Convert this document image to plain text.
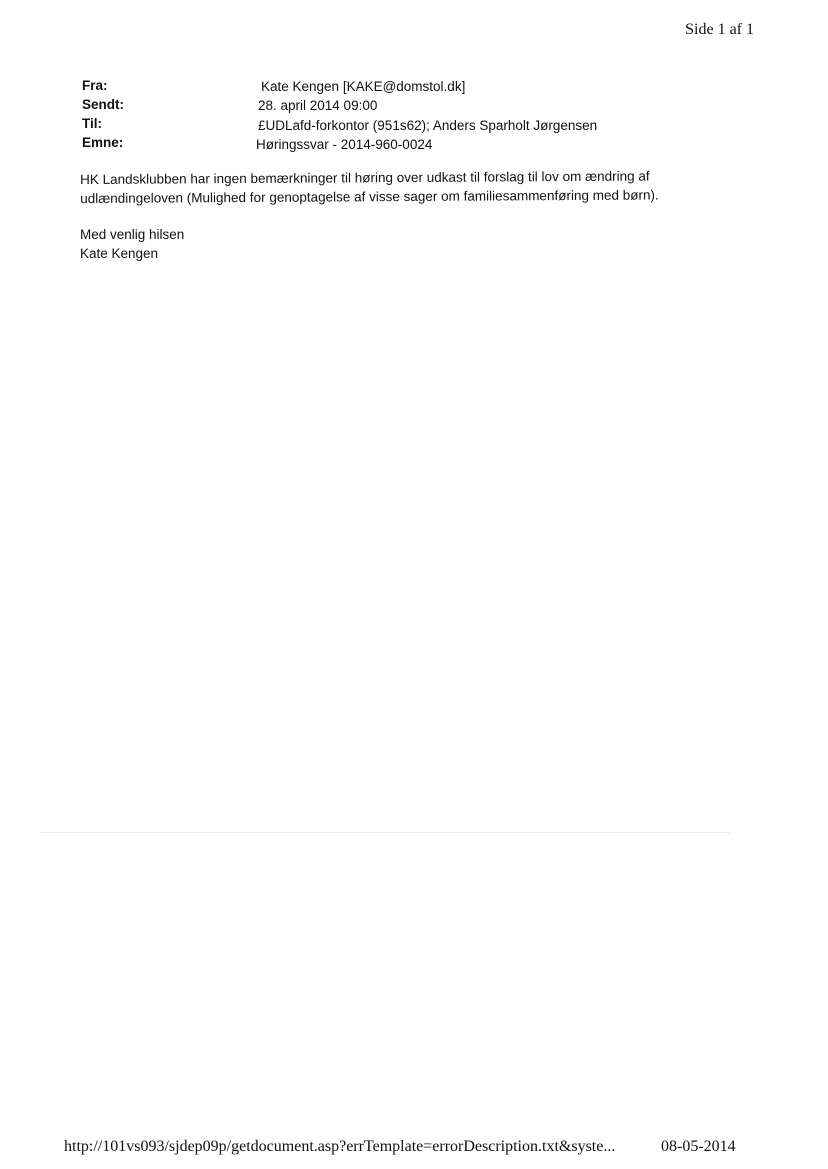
Side 1 af 1
Fra:	Kate Kengen [KAKE@domstol.dk]
Sendt:	28. april 2014 09:00
Til:	£UDLafd-forkontor (951s62); Anders Sparholt Jørgensen
Emne:	Høringssvar - 2014-960-0024

HK Landsklubben har ingen bemærkninger til høring over udkast til forslag til lov om ændring af

udlændingeloven (Mulighed for genoptagelse af visse sager om familiesammenføring med børn).

Med venlig hilsen
Kate Kengen
http://101vs093/sjdep09p/getdocument.asp?errTemplate=errorDescription.txt&syste...	08-05-2014
